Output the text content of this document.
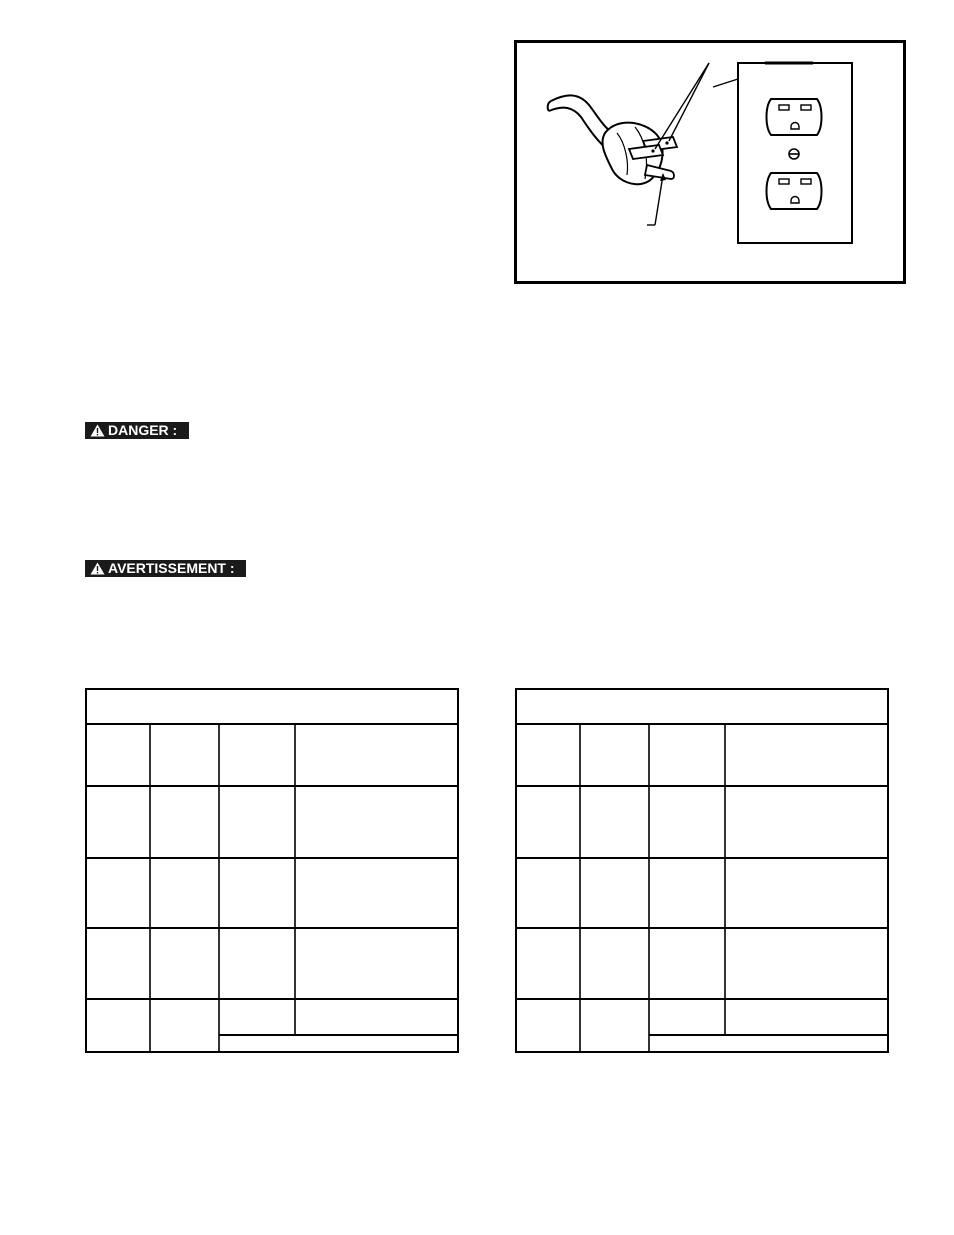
DANGER :
AVERTISSEMENT :
